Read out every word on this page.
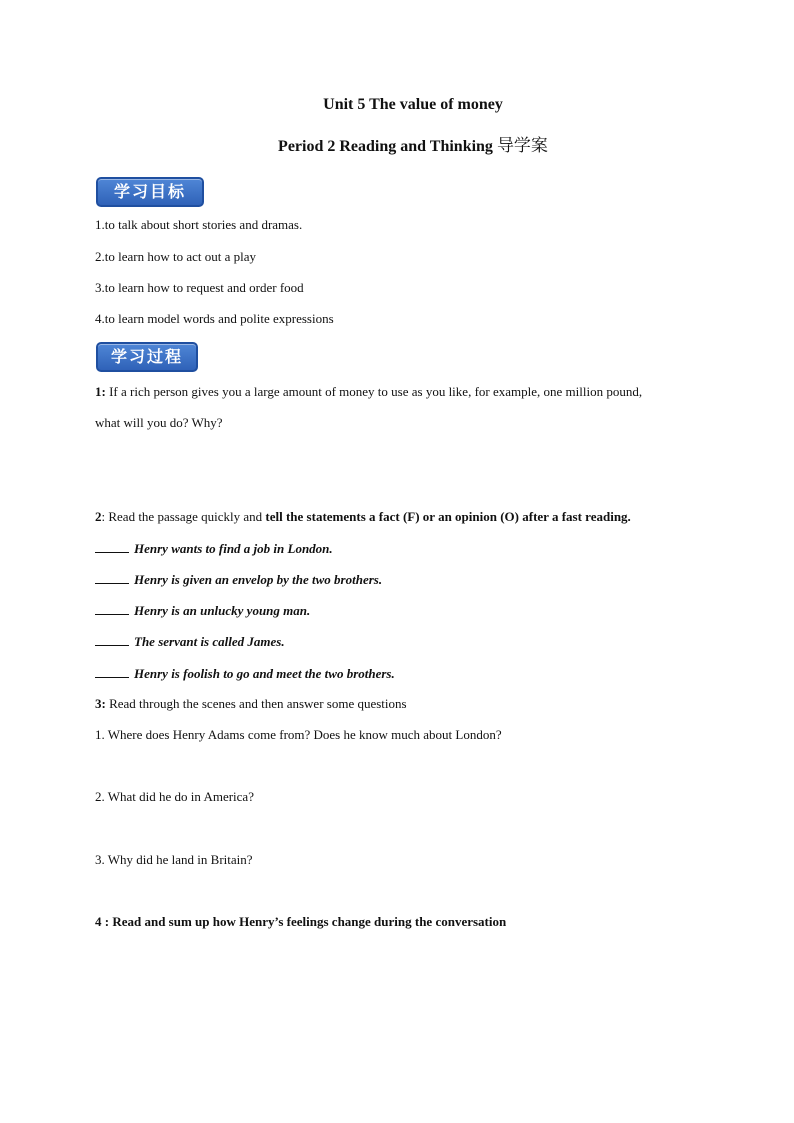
Unit 5 The value of money
Period 2 Reading and Thinking 导学案
学习目标
1.to talk about short stories and dramas.
2.to learn how to act out a play
3.to learn how to request and order food
4.to learn model words and polite expressions
学习过程
1: If a rich person gives you a large amount of money to use as you like, for example, one million pound,
what will you do? Why?
2: Read the passage quickly and tell the statements a fact (F) or an opinion (O) after a fast reading.
Henry wants to find a job in London.
Henry is given an envelop by the two brothers.
Henry is an unlucky young man.
The servant is called James.
Henry is foolish to go and meet the two brothers.
3: Read through the scenes and then answer some questions
1. Where does Henry Adams come from? Does he know much about London?
2. What did he do in America?
3. Why did he land in Britain?
4 : Read and sum up how Henry’s feelings change during the conversation
